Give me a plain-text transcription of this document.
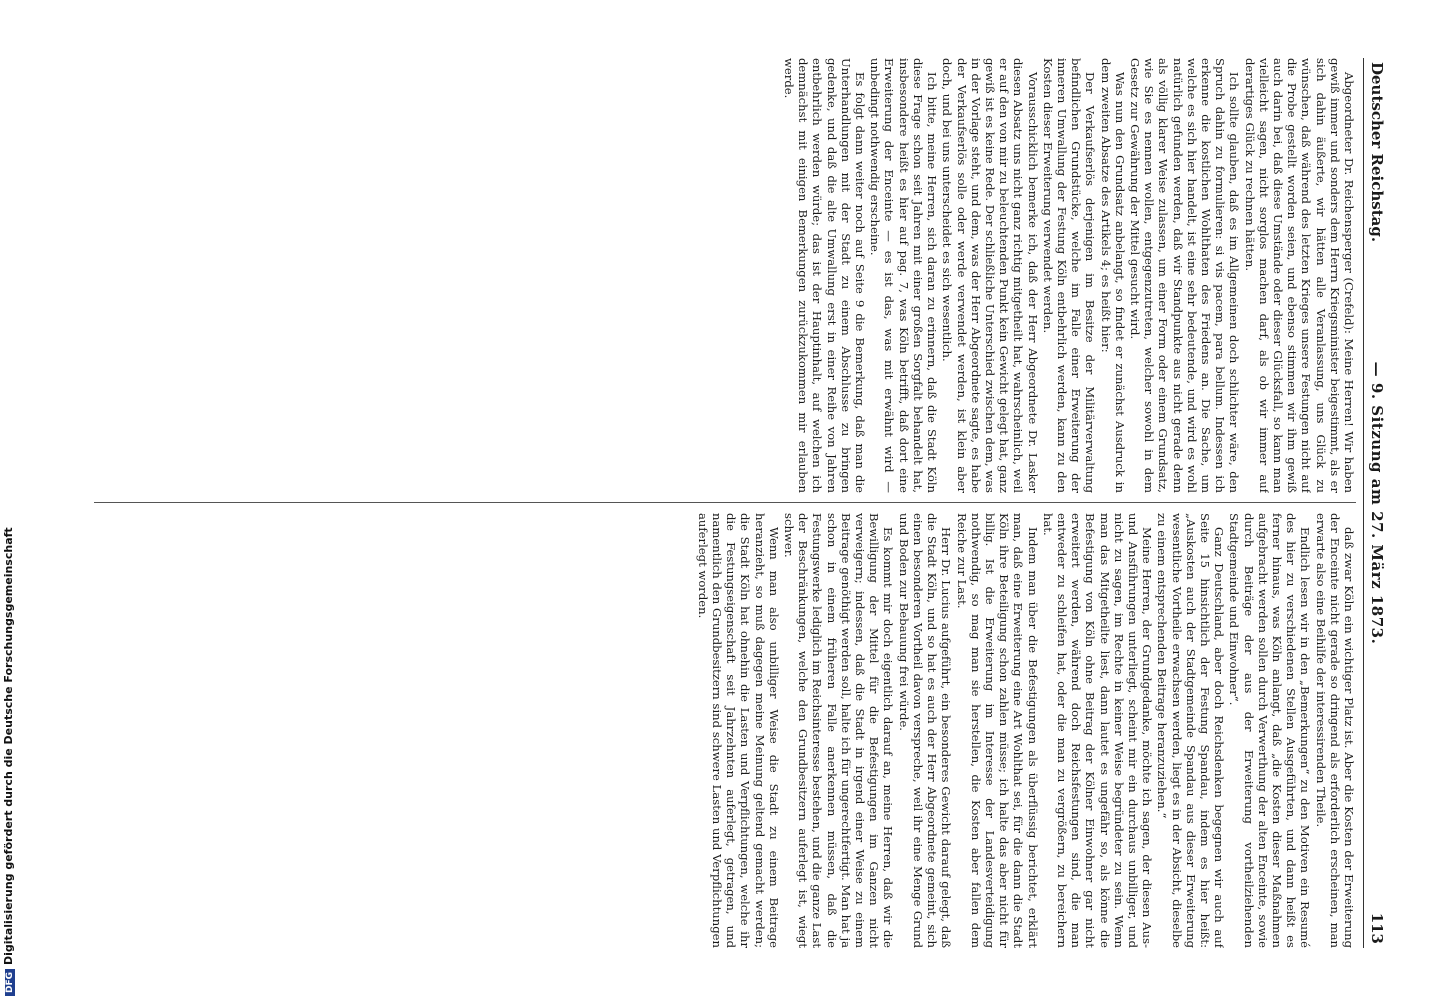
Deutscher Reichstag.
— 9. Sitzung am 27. März 1873.
113

Abgeordneter Dr. Reichensperger (Crefeld): Meine Herren! Wir haben gewiß immer und sonders dem Herrn Kriegsminister beigestimmt, als er sich dahin äußerte, wir hätten alle Veranlassung, uns Glück zu wünschen, daß während des letzten Krieges unsere Festungen nicht auf die Probe gestellt worden seien, und ebenso stimmen wir ihm gewiß auch darin bei, daß diese Umstände oder dieser Glücksfall, so kann man vielleicht sagen, nicht sorglos machen darf, als ob wir immer auf derartiges Glück zu rechnen hätten.

Ich sollte glauben, daß es im Allgemeinen doch schlichter wäre, den Spruch dahin zu formulieren: si vis pacem, para bellum. Indessen ich erkenne die kostlichen Wohlthaten des Friedens an. Die Sache, um welche es sich hier handelt, ist eine sehr bedeutende, und wird es wohl natürlich gefunden werden, daß wir Standpunkte aus nicht gerade denn als völlig klarer Weise zulassen, um einer Form oder einem Grundsatz, wie Sie es nennen wollen, entgegenzutreten, welcher sowohl in dem Gesetz zur Gewährung der Mittel gesucht wird.

Was nun den Grundsatz anbelangt, so findet er zunächst Ausdruck in dem zweiten Absatze des Artikels 4; es heißt hier:

Der Verkaufserlös derjenigen im Besitze der Militärverwaltung befindlichen Grundstücke, welche im Falle einer Erweiterung der inneren Umwallung der Festung Köln entbehrlich werden, kann zu den Kosten dieser Erweiterung verwendet werden.

Vorausschicklich bemerke ich, daß der Herr Abgeordnete Dr. Lasker diesen Absatz uns nicht ganz richtig mitgetheilt hat, wahrscheinlich, weil er auf den von mir zu beleuchtenden Punkt kein Gewicht gelegt hat, ganz gewiß ist es keine Rede. Der schließliche Unterschied zwischen dem, was in der Vorlage steht, und dem, was der Herr Abgeordnete sagte, es habe der Verkaufserlös solle oder werde verwendet werden, ist klein aber doch, und bei uns unterscheidet es sich wesentlich.

Ich bitte, meine Herren, sich daran zu erinnern, daß die Stadt Köln diese Frage schon seit Jahren mit einer großen Sorgfalt behandelt hat, insbesondere heißt es hier auf pag. 7, was Köln betrifft, daß dort eine Erweiterung der Enceinte — es ist das, was mit erwähnt wird — unbedingt nothwendig erscheine.

Es folgt dann weiter noch auf Seite 9 die Bemerkung, daß man die Unterhandlungen mit der Stadt zu einem Abschlusse zu bringen gedenke, und daß die alte Umwallung erst in einer Reihe von Jahren entbehrlich werden würde; das ist der Hauptinhalt, auf welchen ich demnächst mit einigen Bemerkungen zurückzukommen mir erlauben werde.

daß zwar Köln ein wichtiger Platz ist. Aber die Kosten der Erweiterung der Enceinte nicht gerade so dringend als erforderlich erscheinen, man erwarte also eine Beihilfe der interessirenden Theile.

Endlich lesen wir in den „Bemerkungen“ zu den Motiven ein Resumé des hier zu verschiedenen Stellen Ausgeführten, und dann heißt es ferner hinaus, was Köln anlangt, daß „die Kosten dieser Maßnahmen aufgebracht werden sollen durch Verwerthung der alten Enceinte, sowie durch Beiträge der aus der Erweiterung vortheilziehenden Stadtgemeinde und Einwohner“.

Ganz Deutschland, aber doch Reichsdenken begegnen wir auch auf Seite 15 hinsichtlich der Festung Spandau, indem es hier heißt: „Auskosten auch der Stadtgemeinde Spandau aus dieser Erweiterung wesentliche Vortheile erwachsen werden, liegt es in der Absicht, dieselbe zu einem entsprechenden Beitrage heranzuziehen.“

Meine Herren, der Grundgedanke, möchte ich sagen, der diesen Aus- und Ansführungen unterliegt, scheint mir ein durchaus unbilliger, und nicht zu sagen, im Rechte in keiner Weise begründeter zu sein. Wenn man das Mitgetheilte liest, dann lautet es ungefähr so, als könne die Befestigung von Köln ohne Beitrag der Kölner Einwohner gar nicht erweitert werden, während doch Reichsfestungen sind, die man entweder zu schleifen hat, oder die man zu vergrößern, zu bereichern hat.

Indem man über die Befestigungen als überflüssig berichtet, erklärt man, daß eine Erweiterung eine Art Wohlthat sei, für die dann die Stadt Köln ihre Beteiligung schon zahlen müsse; ich halte das aber nicht für billig. Ist die Erweiterung im Interesse der Landesverteidigung nothwendig, so mag man sie herstellen, die Kosten aber fallen dem Reiche zur Last.

Herr Dr. Lucius aufgeführt, ein besonderes Gewicht darauf gelegt, daß die Stadt Köln, und so hat es auch der Herr Abgeordnete gemeint, sich einen besonderen Vortheil davon verspreche, weil ihr eine Menge Grund und Boden zur Bebauung frei würde.

Es kommt mir doch eigentlich darauf an, meine Herren, daß wir die Bewilligung der Mittel für die Befestigungen im Ganzen nicht verweigern; indessen, daß die Stadt in irgend einer Weise zu einem Beitrage genöthigt werden soll, halte ich für ungerechtfertigt. Man hat ja schon in einem früheren Falle anerkennen müssen, daß die Festungswerke lediglich im Reichsinteresse bestehen, und die ganze Last der Beschränkungen, welche den Grundbesitzern auferlegt ist, wiegt schwer.

Wenn man also unbilliger Weise die Stadt zu einem Beitrage heranzieht, so muß dagegen meine Meinung geltend gemacht werden; die Stadt Köln hat ohnehin die Lasten und Verpflichtungen, welche ihr die Festungseigenschaft seit Jahrzehnten auferlegt, getragen, und namentlich den Grundbesitzern sind schwere Lasten und Verpflichtungen auferlegt worden.

DFGDigitalisierung gefördert durch die Deutsche Forschungsgemeinschaft
